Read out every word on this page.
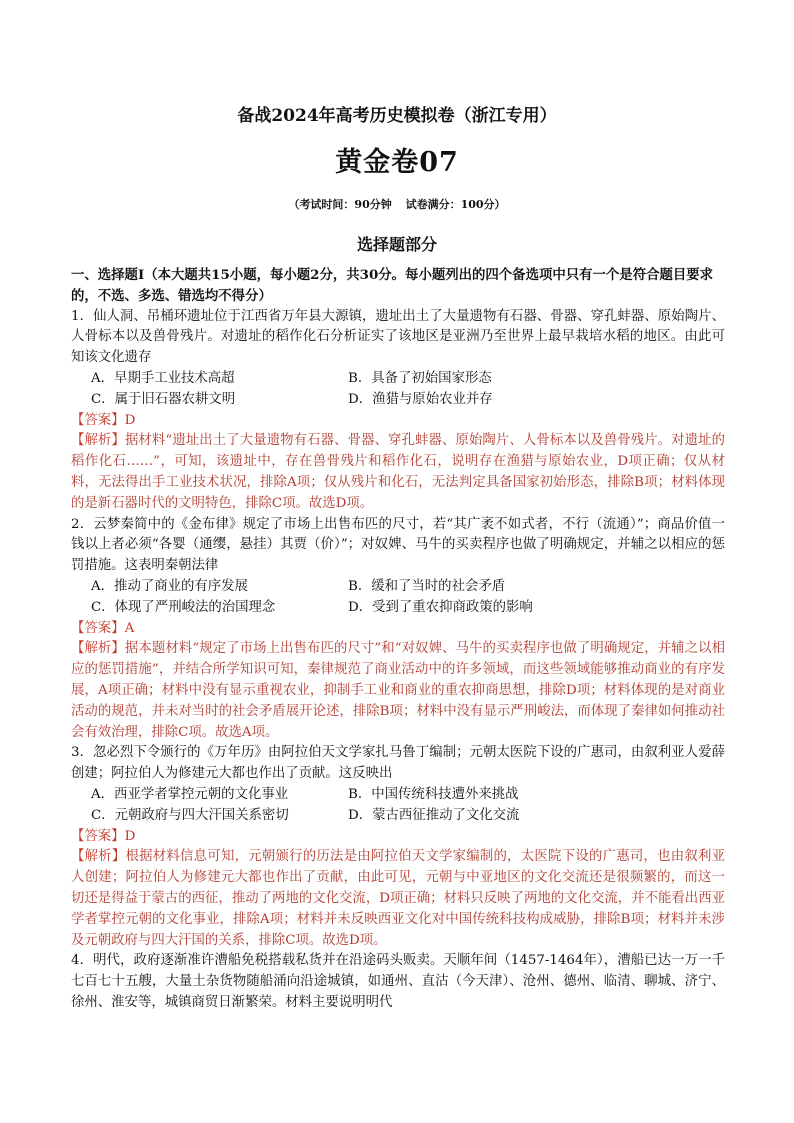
备战2024年高考历史模拟卷（浙江专用）
黄金卷07
（考试时间：90分钟 试卷满分：100分）
选择题部分

一、选择题Ⅰ（本大题共15小题，每小题2分，共30分。每小题列出的四个备选项中只有一个是符合题目要求的，不选、多选、错选均不得分）

1．仙人洞、吊桶环遗址位于江西省万年县大源镇，遗址出土了大量遗物有石器、骨器、穿孔蚌器、原始陶片、人骨标本以及兽骨残片。对遗址的稻作化石分析证实了该地区是亚洲乃至世界上最早栽培水稻的地区。由此可知该文化遗存

A．早期手工业技术高超	B．具备了初始国家形态
C．属于旧石器农耕文明	D．渔猎与原始农业并存

【答案】D

【解析】据材料“遗址出土了大量遗物有石器、骨器、穿孔蚌器、原始陶片、人骨标本以及兽骨残片。对遗址的稻作化石……”，可知，该遗址中，存在兽骨残片和稻作化石，说明存在渔猎与原始农业，D项正确；仅从材料，无法得出手工业技术状况，排除A项；仅从残片和化石，无法判定具备国家初始形态，排除B项；材料体现的是新石器时代的文明特色，排除C项。故选D项。

2．云梦秦简中的《金布律》规定了市场上出售布匹的尺寸，若“其广袤不如式者，不行（流通）”；商品价值一钱以上者必须“各婴（通缨，悬挂）其贾（价）”；对奴婢、马牛的买卖程序也做了明确规定，并辅之以相应的惩罚措施。这表明秦朝法律

A．推动了商业的有序发展	B．缓和了当时的社会矛盾
C．体现了严刑峻法的治国理念	D．受到了重农抑商政策的影响

【答案】A

【解析】据本题材料“规定了市场上出售布匹的尺寸”和“对奴婢、马牛的买卖程序也做了明确规定，并辅之以相应的惩罚措施”，并结合所学知识可知，秦律规范了商业活动中的许多领域，而这些领域能够推动商业的有序发展，A项正确；材料中没有显示重视农业，抑制手工业和商业的重农抑商思想，排除D项；材料体现的是对商业活动的规范，并未对当时的社会矛盾展开论述，排除B项；材料中没有显示严刑峻法，而体现了秦律如何推动社会有效治理，排除C项。故选A项。

3．忽必烈下令颁行的《万年历》由阿拉伯天文学家扎马鲁丁编制；元朝太医院下设的广惠司，由叙利亚人爱薛创建；阿拉伯人为修建元大都也作出了贡献。这反映出

A．西亚学者掌控元朝的文化事业	B．中国传统科技遭外来挑战
C．元朝政府与四大汗国关系密切	D．蒙古西征推动了文化交流

【答案】D

【解析】根据材料信息可知，元朝颁行的历法是由阿拉伯天文学家编制的，太医院下设的广惠司，也由叙利亚人创建；阿拉伯人为修建元大都也作出了贡献，由此可见，元朝与中亚地区的文化交流还是很频繁的，而这一切还是得益于蒙古的西征，推动了两地的文化交流，D项正确；材料只反映了两地的文化交流，并不能看出西亚学者掌控元朝的文化事业，排除A项；材料并未反映西亚文化对中国传统科技构成威胁，排除B项；材料并未涉及元朝政府与四大汗国的关系，排除C项。故选D项。

4．明代，政府逐渐准许漕船免税搭载私货并在沿途码头贩卖。天顺年间（1457-1464年），漕船已达一万一千七百七十五艘，大量土杂货物随船涌向沿途城镇，如通州、直沽（今天津）、沧州、德州、临清、聊城、济宁、徐州、淮安等，城镇商贸日渐繁荣。材料主要说明明代
